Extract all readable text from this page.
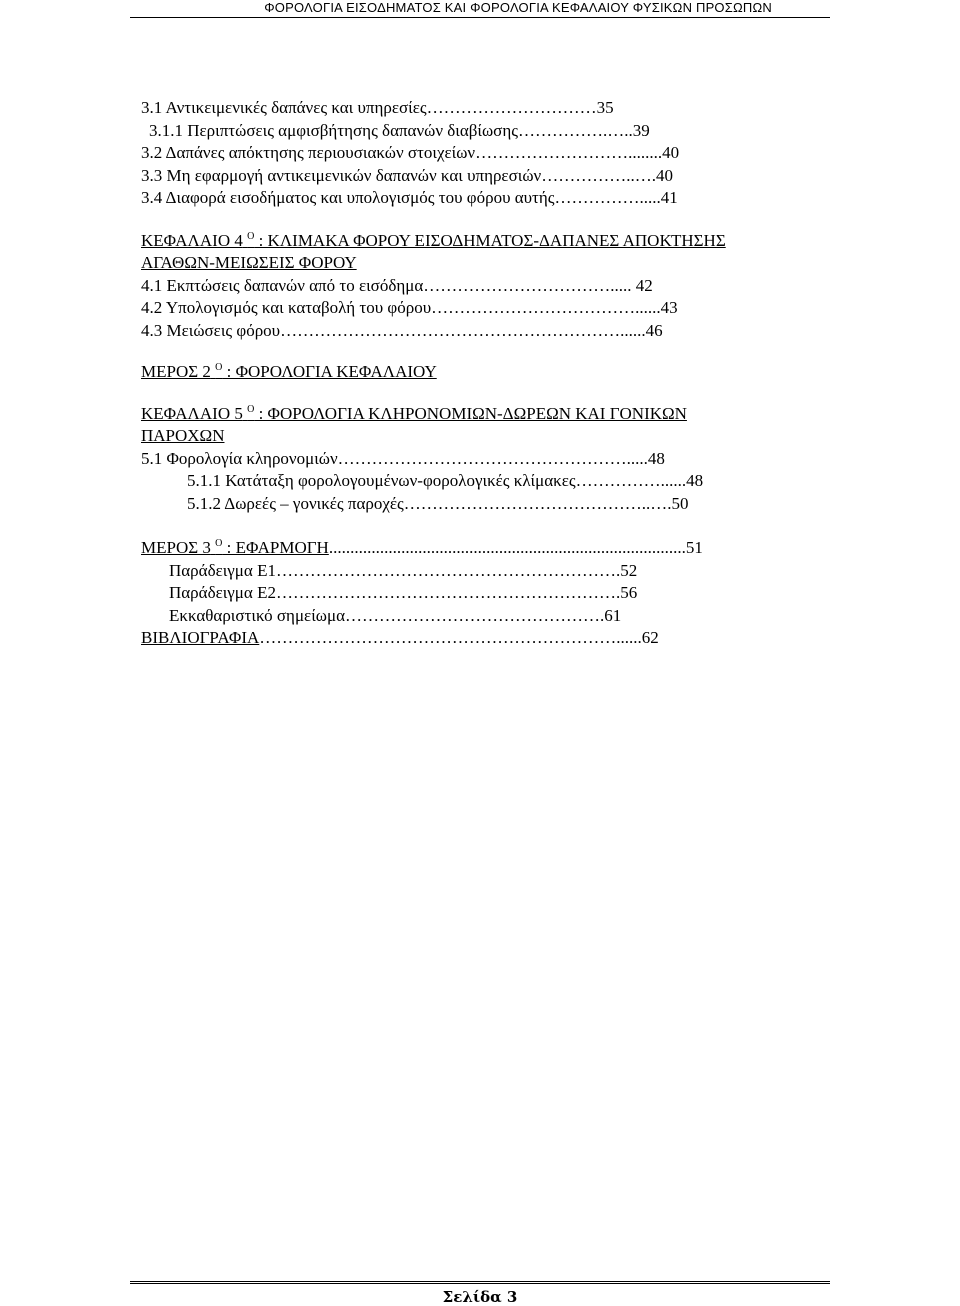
ΦΟΡΟΛΟΓΙΑ ΕΙΣΟΔΗΜΑΤΟΣ ΚΑΙ ΦΟΡΟΛΟΓΙΑ ΚΕΦΑΛΑΙΟΥ ΦΥΣΙΚΩΝ ΠΡΟΣΩΠΩΝ
3.1 Αντικειμενικές δαπάνες και υπηρεσίες…………………………35
3.1.1 Περιπτώσεις αμφισβήτησης δαπανών διαβίωσης…………….…..39
3.2 Δαπάνες απόκτησης περιουσιακών στοιχείων………………………........40
3.3 Μη εφαρμογή αντικειμενικών δαπανών και υπηρεσιών……………..….40
3.4 Διαφορά εισοδήματος και υπολογισμός του φόρου αυτής…………….....41
ΚΕΦΑΛΑΙΟ 4 $^O$ : ΚΛΙΜΑΚΑ ΦΟΡΟΥ ΕΙΣΟΔΗΜΑΤΟΣ-ΔΑΠΑΝΕΣ ΑΠΟΚΤΗΣΗΣ
ΑΓΑΘΩΝ-ΜΕΙΩΣΕΙΣ ΦΟΡΟΥ
4.1 Εκπτώσεις δαπανών από το εισόδημα……………………………..... 42
4.2 Υπολογισμός και καταβολή του φόρου………………………………......43
4.3 Μειώσεις φόρου……………………………………………………......46
ΜΕΡΟΣ 2 $^O$ : ΦΟΡΟΛΟΓΙΑ ΚΕΦΑΛΑΙΟΥ
ΚΕΦΑΛΑΙΟ 5 $^O$ : ΦΟΡΟΛΟΓΙΑ ΚΛΗΡΟΝΟΜΙΩΝ-ΔΩΡΕΩΝ ΚΑΙ ΓΟΝΙΚΩΝ
ΠΑΡΟΧΩΝ
5.1 Φορολογία κληρονομιών…………………………………………….....48
5.1.1 Κατάταξη φορολογουμένων-φορολογικές κλίμακες……………......48
5.1.2 Δωρεές – γονικές παροχές……………………………………..….50
ΜΕΡΟΣ 3 $^O$ : ΕΦΑΡΜΟΓΗ....................................................................................51
Παράδειγμα Ε1…………………………………………………….52
Παράδειγμα Ε2…………………………………………………….56
Εκκαθαριστικό σημείωμα……………………………………….61
ΒΙΒΛΙΟΓΡΑΦΙΑ………………………………………………………......62
Σελίδα 3
